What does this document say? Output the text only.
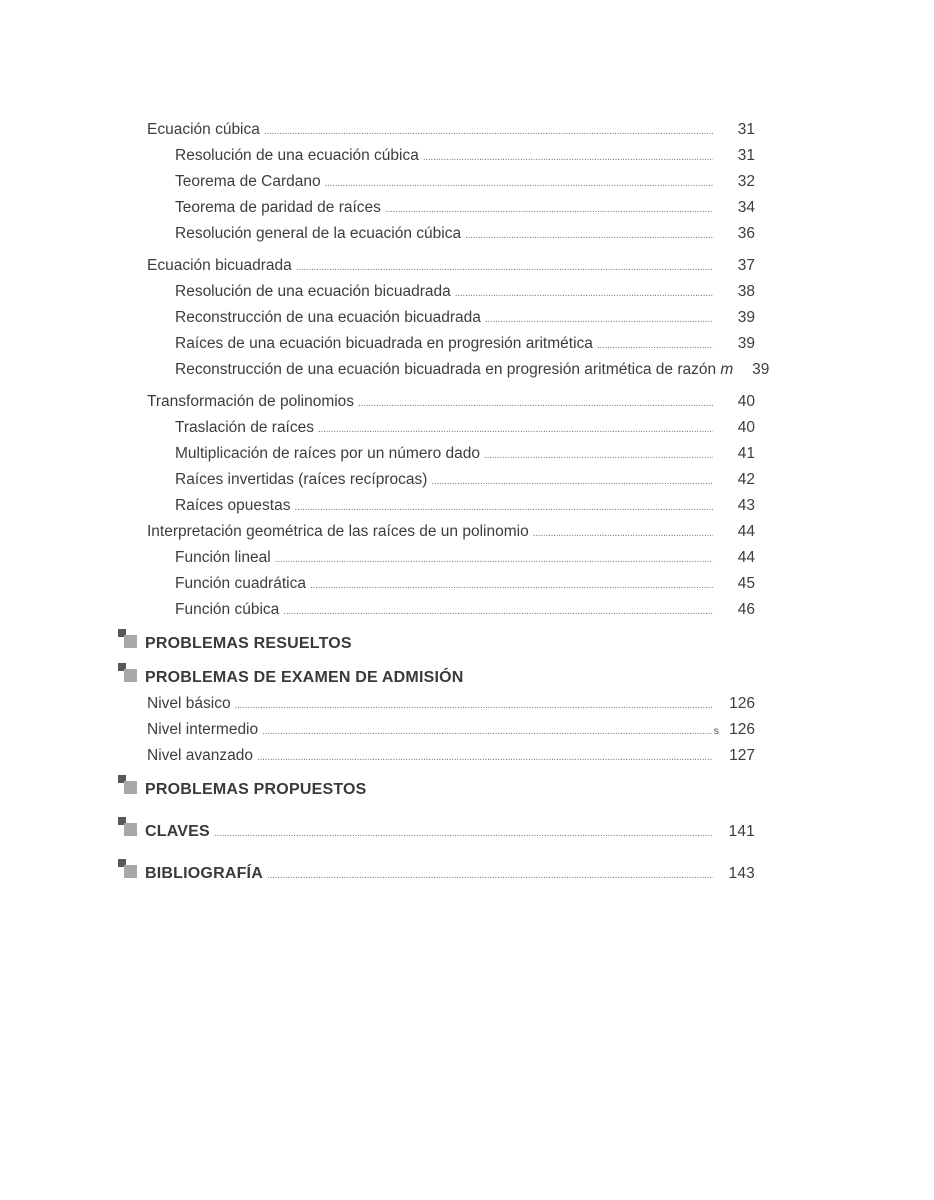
Ecuación cúbica . . .	31
Resolución de una ecuación cúbica . . .	31
Teorema de Cardano . . .	32
Teorema de paridad de raíces . . .	34
Resolución general de la ecuación cúbica . . .	36
Ecuación bicuadrada . . .	37
Resolución de una ecuación bicuadrada . . .	38
Reconstrucción de una ecuación bicuadrada . . .	39
Raíces de una ecuación bicuadrada en progresión aritmética . . .	39
Reconstrucción de una ecuación bicuadrada en progresión aritmética de razón m	39
Transformación de polinomios . . .	40
Traslación de raíces . . .	40
Multiplicación de raíces por un número dado . . .	41
Raíces invertidas (raíces recíprocas) . . .	42
Raíces opuestas . . .	43
Interpretación geométrica de las raíces de un polinomio . . .	44
Función lineal . . .	44
Función cuadrática . . .	45
Función cúbica . . .	46
PROBLEMAS RESUELTOS
PROBLEMAS DE EXAMEN DE ADMISIÓN
Nivel básico . . .	126
Nivel intermedio . . .	s 126
Nivel avanzado . . .	127
PROBLEMAS PROPUESTOS
CLAVES . . .	141
BIBLIOGRAFÍA . . .	143
